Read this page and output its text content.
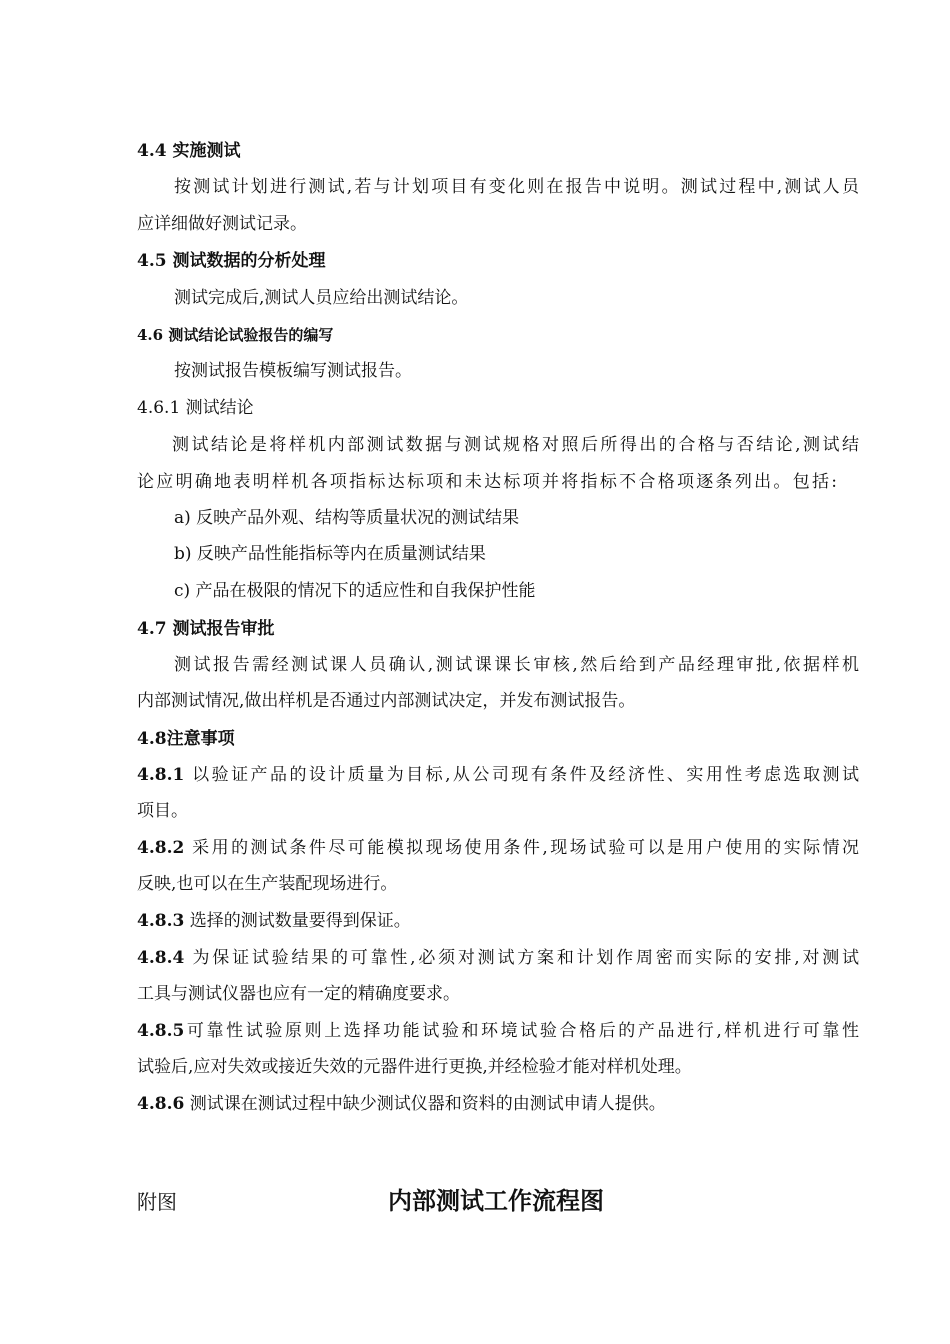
4.4 实施测试

按测试计划进行测试,若与计划项目有变化则在报告中说明。测试过程中,测试人员

应详细做好测试记录。

4.5 测试数据的分析处理

测试完成后,测试人员应给出测试结论。

4.6 测试结论试验报告的编写

按测试报告模板编写测试报告。

4.6.1 测试结论

测试结论是将样机内部测试数据与测试规格对照后所得出的合格与否结论,测试结

论应明确地表明样机各项指标达标项和未达标项并将指标不合格项逐条列出。包括:

a) 反映产品外观、结构等质量状况的测试结果

b) 反映产品性能指标等内在质量测试结果

c) 产品在极限的情况下的适应性和自我保护性能

4.7 测试报告审批

测试报告需经测试课人员确认,测试课课长审核,然后给到产品经理审批,依据样机

内部测试情况,做出样机是否通过内部测试决定，并发布测试报告。

4.8注意事项

4.8.1 以验证产品的设计质量为目标,从公司现有条件及经济性、实用性考虑选取测试

项目。

4.8.2 采用的测试条件尽可能模拟现场使用条件,现场试验可以是用户使用的实际情况

反映,也可以在生产装配现场进行。

4.8.3 选择的测试数量要得到保证。

4.8.4 为保证试验结果的可靠性,必须对测试方案和计划作周密而实际的安排,对测试

工具与测试仪器也应有一定的精确度要求。

4.8.5可靠性试验原则上选择功能试验和环境试验合格后的产品进行,样机进行可靠性

试验后,应对失效或接近失效的元器件进行更换,并经检验才能对样机处理。

4.8.6 测试课在测试过程中缺少测试仪器和资料的由测试申请人提供。

附图	内部测试工作流程图
